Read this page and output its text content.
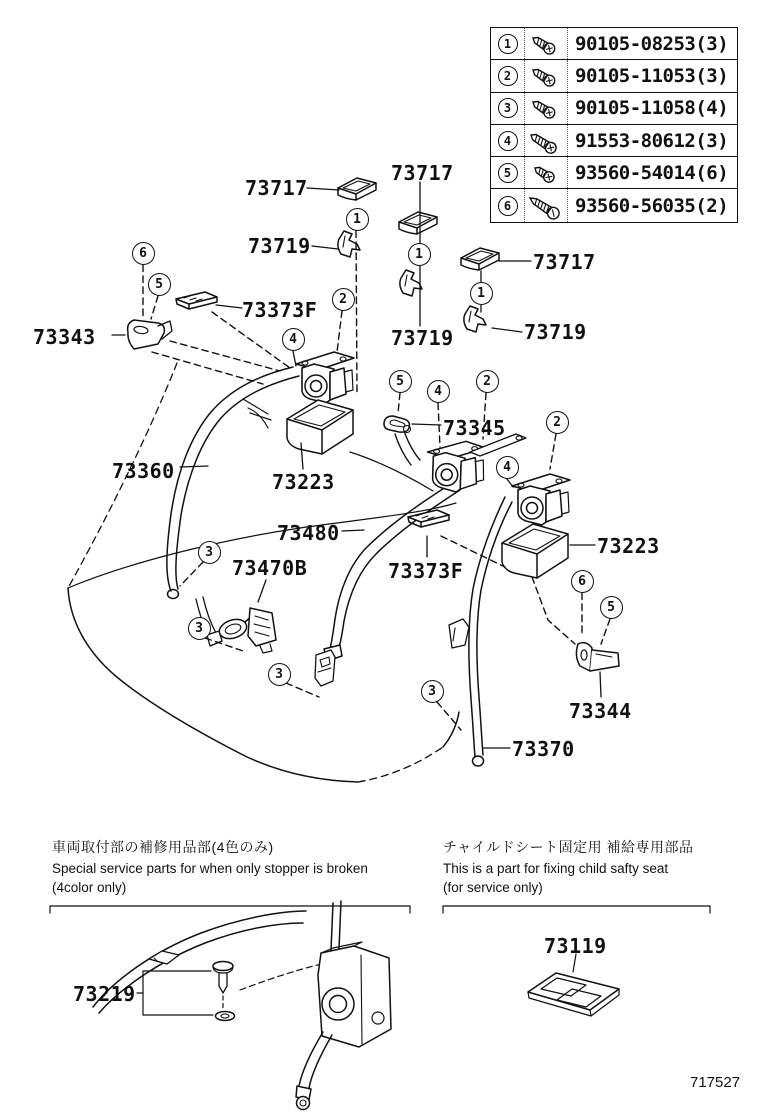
1	90105-08253(3)
2	90105-11053(3)
3	90105-11058(4)
4	91553-80612(3)
5	93560-54014(6)
6	93560-56035(2)
73717
73719
73373F
73343
73360	73223
73480
73470B
73345
73373F
73223
73344
73370
73717
73719
73717
73719
1
1
1
2
4
6
5
5
4
2
2
4
6
5
3
3
3
3
車両取付部の補修用品部(4色のみ)
Special service parts for when only stopper is broken
(4color only)
チャイルドシート固定用 補給専用部品
This is a part for fixing child safty seat
(for service only)
73219
73119
717527
